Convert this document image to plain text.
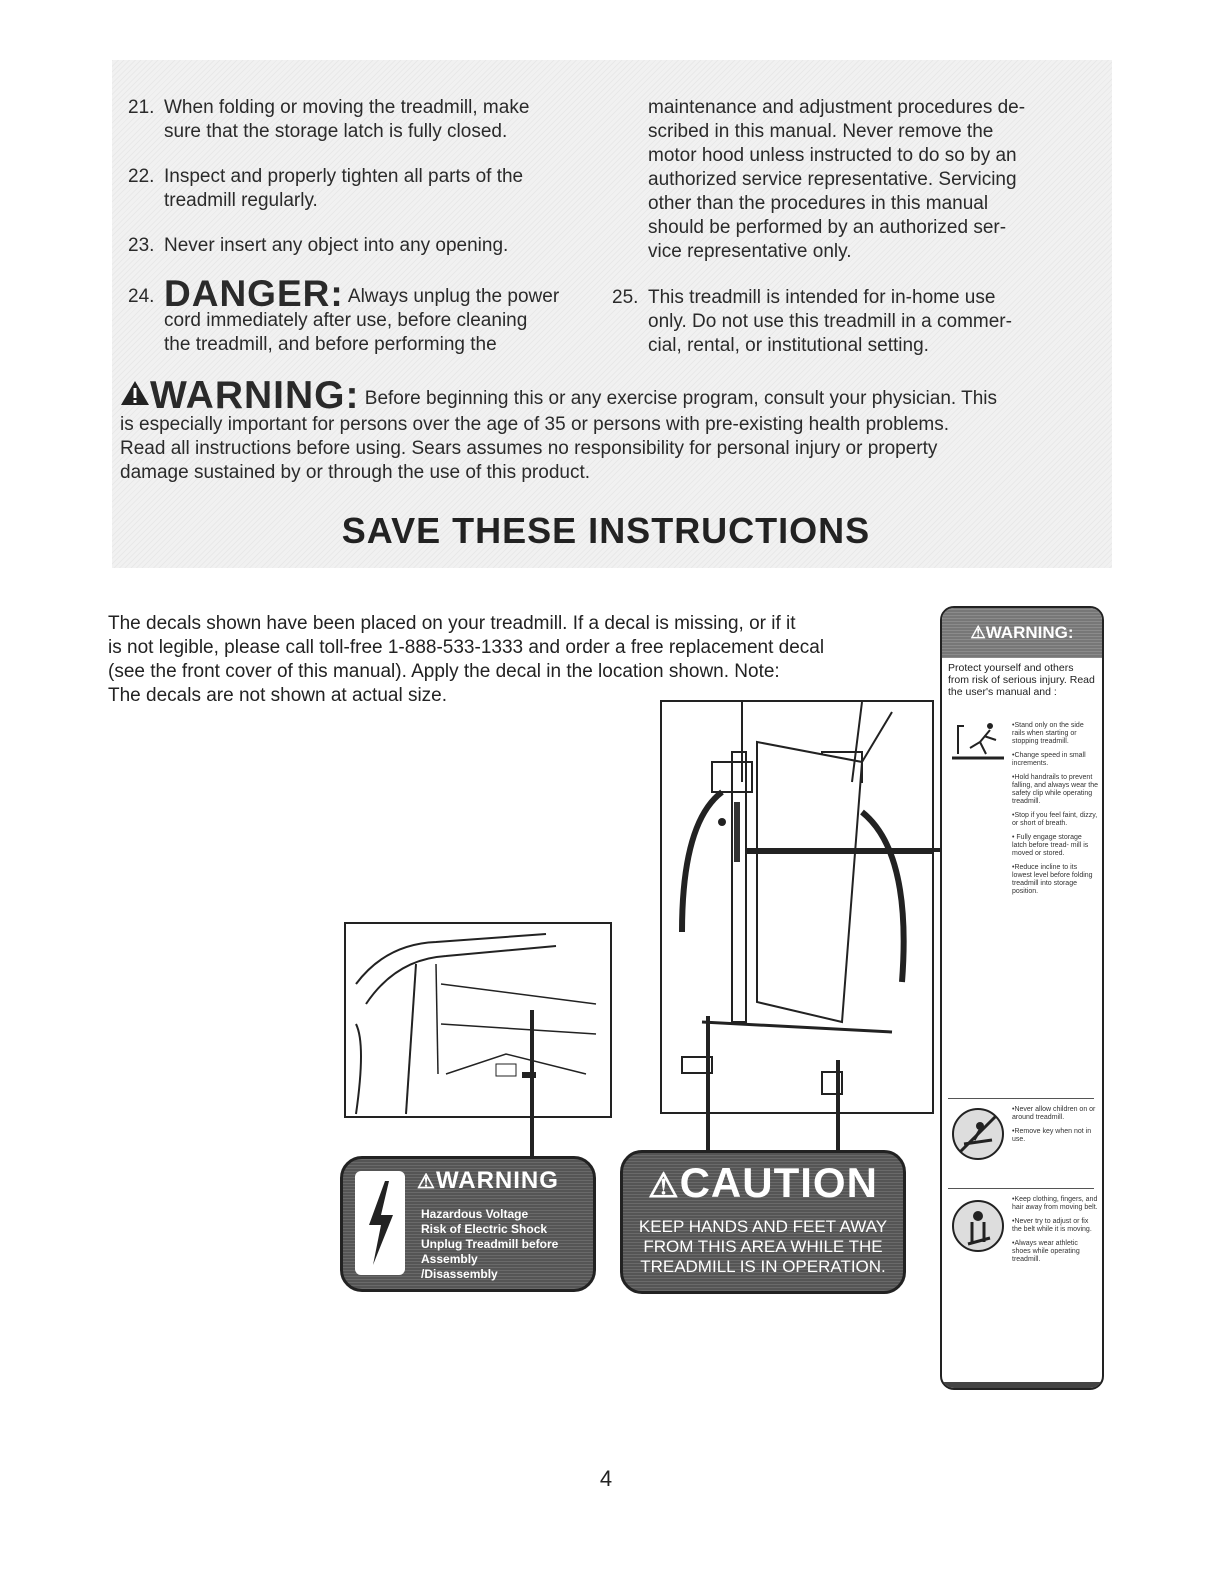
21. When folding or moving the treadmill, make
sure that the storage latch is fully closed.
22. Inspect and properly tighten all parts of the
treadmill regularly.
23. Never insert any object into any opening.
24. DANGER: Always unplug the power
cord immediately after use, before cleaning
the treadmill, and before performing the
maintenance and adjustment procedures de-
scribed in this manual. Never remove the
motor hood unless instructed to do so by an
authorized service representative. Servicing
other than the procedures in this manual
should be performed by an authorized ser-
vice representative only.
25. This treadmill is intended for in-home use
only. Do not use this treadmill in a commer-
cial, rental, or institutional setting.
WARNING: Before beginning this or any exercise program, consult your physician. This
is especially important for persons over the age of 35 or persons with pre-existing health problems.
Read all instructions before using. Sears assumes no responsibility for personal injury or property
damage sustained by or through the use of this product.
SAVE THESE INSTRUCTIONS
The decals shown have been placed on your treadmill. If a decal is missing, or if it
is not legible, please call toll-free 1-888-533-1333 and order a free replacement decal
(see the front cover of this manual). Apply the decal in the location shown. Note:
The decals are not shown at actual size.
⚠WARNING
Hazardous Voltage
Risk of Electric Shock
Unplug Treadmill before Assembly
/Disassembly
⚠CAUTION
KEEP HANDS AND FEET AWAY
FROM THIS AREA WHILE THE
TREADMILL IS IN OPERATION.
⚠WARNING:
Protect yourself and others from risk of serious injury. Read the user's manual and :
•Stand only on the side rails when starting or stopping treadmill.
•Change speed in small increments.
•Hold handrails to prevent falling, and always wear the safety clip while operating treadmill.
•Stop if you feel faint, dizzy, or short of breath.
• Fully engage storage latch before tread- mill is moved or stored.
•Reduce incline to its lowest level before folding treadmill into storage position.
•Never allow children on or around treadmill.
•Remove key when not in use.
•Keep clothing, fingers, and hair away from moving belt.
•Never try to adjust or fix the belt while it is moving.
•Always wear athletic shoes while operating treadmill.
4
